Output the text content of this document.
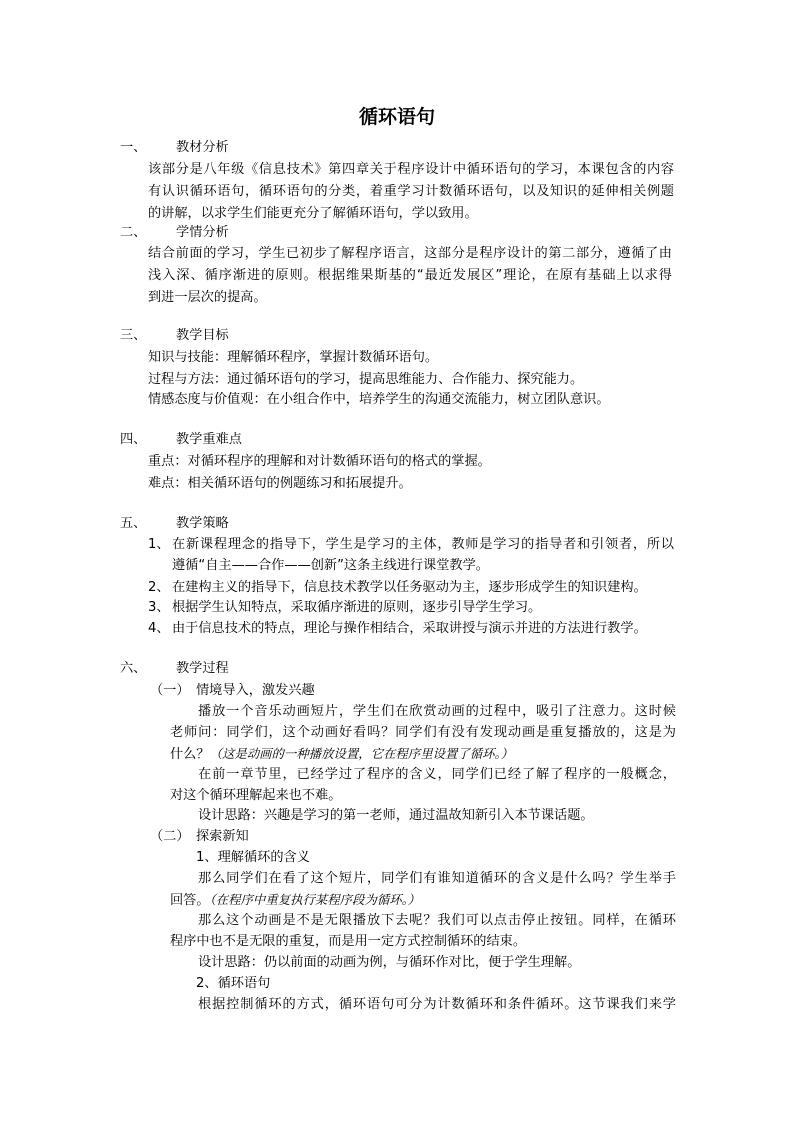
循环语句
一、 教材分析
该部分是八年级《信息技术》第四章关于程序设计中循环语句的学习，本课包含的内容
有认识循环语句，循环语句的分类，着重学习计数循环语句，以及知识的延伸相关例题
的讲解，以求学生们能更充分了解循环语句，学以致用。
二、 学情分析
结合前面的学习，学生已初步了解程序语言，这部分是程序设计的第二部分，遵循了由
浅入深、循序渐进的原则。根据维果斯基的“最近发展区”理论，在原有基础上以求得
到进一层次的提高。
三、 教学目标
知识与技能：理解循环程序，掌握计数循环语句。
过程与方法：通过循环语句的学习，提高思维能力、合作能力、探究能力。
情感态度与价值观：在小组合作中，培养学生的沟通交流能力，树立团队意识。
四、 教学重难点
重点：对循环程序的理解和对计数循环语句的格式的掌握。
难点：相关循环语句的例题练习和拓展提升。
五、 教学策略
1、 在新课程理念的指导下，学生是学习的主体，教师是学习的指导者和引领者，所以
遵循“自主——合作——创新”这条主线进行课堂教学。
2、 在建构主义的指导下，信息技术教学以任务驱动为主，逐步形成学生的知识建构。
3、 根据学生认知特点，采取循序渐进的原则，逐步引导学生学习。
4、 由于信息技术的特点，理论与操作相结合，采取讲授与演示并进的方法进行教学。
六、 教学过程
（一） 情境导入，激发兴趣
播放一个音乐动画短片，学生们在欣赏动画的过程中，吸引了注意力。这时候
老师问：同学们，这个动画好看吗？同学们有没有发现动画是重复播放的，这是为
什么？（这是动画的一种播放设置，它在程序里设置了循环。）
在前一章节里，已经学过了程序的含义，同学们已经了解了程序的一般概念，
对这个循环理解起来也不难。
设计思路：兴趣是学习的第一老师，通过温故知新引入本节课话题。
（二） 探索新知
1、理解循环的含义
那么同学们在看了这个短片，同学们有谁知道循环的含义是什么吗？学生举手
回答。（在程序中重复执行某程序段为循环。）
那么这个动画是不是无限播放下去呢？我们可以点击停止按钮。同样，在循环
程序中也不是无限的重复，而是用一定方式控制循环的结束。
设计思路：仍以前面的动画为例，与循环作对比，便于学生理解。
2、循环语句
根据控制循环的方式，循环语句可分为计数循环和条件循环。这节课我们来学
